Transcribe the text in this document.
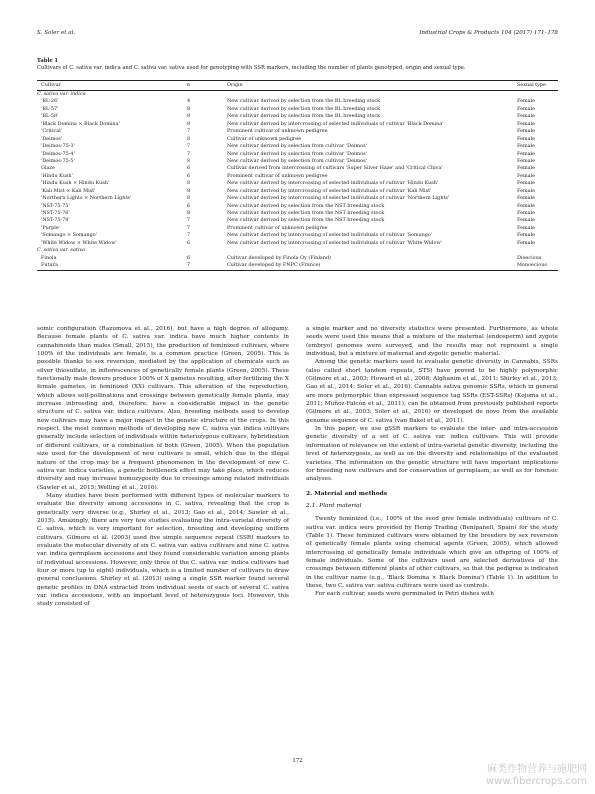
S. Soler et al.	Industrial Crops & Products 104 (2017) 171–178
Table 1
Cultivars of C. sativa var. indica and C. sativa var. sativa used for genotyping with SSR markers, including the number of plants genotyped, origin and sexual type.
Cultivar	n	Origin	Sexual type
C. sativa var. indica
'BL-26'	4	New cultivar derived by selection from the BL breeding stock	Female
'BL-57'	8	New cultivar derived by selection from the BL breeding stock	Female
'BL-58'	8	New cultivar derived by selection from the BL breeding stock	Female
'Black Domina × Black Domina'	8	New cultivar derived by intercrossing of selected individuals of cultivar 'Black Domina'	Female
'Critical'	7	Prominent cultivar of unknown pedigree	Female
'Deimos'	8	Cultivar of unknown pedigree	Female
'Deimos-75-3'	7	New cultivar derived by selection from cultivar 'Deimos'	Female
'Deimos-75-4'	7	New cultivar derived by selection from cultivar 'Deimos'	Female
'Deimos-75-5'	8	New cultivar derived by selection from cultivar 'Deimos'	Female
Glaze	6	Cultivar derived from intercrossing of cultivars 'Super Silver Haze' and 'Critical Chiva'	Female
'Hindu Kush'	6	Prominent cultivar of unknown pedigree	Female
'Hindu Kush × Hindu Kush'	8	New cultivar derived by intercrossing of selected individuals of cultivar 'Hindu Kush'	Female
'Kali Mist × Kali Mist'	8	New cultivar derived by intercrossing of selected individuals of cultivar 'Kali Mist'	Female
'Northern Lights × Northern Lights'	8	New cultivar derived by intercrossing of selected individuals of cultivar 'Northern Lights'	Female
'NST-75-75'	6	New cultivar derived by selection from the NST breeding stock	Female
'NST-75-76'	8	New cultivar derived by selection from the NST breeding stock	Female
'NST-75-78'	7	New cultivar derived by selection from the NST breeding stock	Female
'Purple'	7	Prominent cultivar of unknown pedigree	Female
'Somango × Somango'	7	New cultivar derived by intercrossing of selected individuals of cultivar 'Somango'	Female
'White Widow × White Widow'	6	New cultivar derived by intercrossing of selected individuals of cultivar 'White Widow'	Female
C. sativa var. sativa
Finola	6	Cultivar developed by Finola Oy (Finland)	Dioecious
Futura	7	Cultivar developed by FNPC (France)	Monoecious

somic configuration (Razumova et al., 2016), but have a high degree of allogamy. Because female plants of C. sativa var. indica have much higher contents in cannabinoids than males (Small, 2015), the production of feminized cultivars, where 100% of the individuals are female, is a common practice (Green, 2005). This is possible thanks to sex reversion, mediated by the application of chemicals such as silver thiosulfate, in inflorescences of genetically female plants (Green, 2005). These functionally male flowers produce 100% of X gametes resulting, after fertilizing the X female gametes, in feminized (XX) cultivars. This alteration of the reproduction, which allows self-pollinations and crossings between genetically female plants, may increase inbreeding and, therefore, have a considerable impact in the genetic structure of C. sativa var. indica cultivars. Also, breeding methods used to develop new cultivars may have a major impact in the genetic structure of the crops. In this respect, the most common methods of developing new C. sativa var. indica cultivars generally include selection of individuals within heterozygous cultivars, hybridization of different cultivars, or a combination of both (Green, 2005). When the population size used for the development of new cultivars is small, which due to the illegal nature of the crop may be a frequent phenomenon in the development of new C. sativa var. indica varieties, a genetic bottleneck effect may take place, which reduces diversity and may increase homozygosity due to crossings among related individuals (Sawler et al., 2015; Welling et al., 2016).

Many studies have been performed with different types of molecular markers to evaluate the diversity among accessions in C. sativa, revealing that the crop is genetically very diverse (e.g., Shirley et al., 2013; Gao et al., 2014; Sawler et al., 2015). Amazingly, there are very few studies evaluating the intra-varietal diversity of C. sativa, which is very important for selection, breeding and developing uniform cultivars. Gilmore et al. (2003) used five simple sequence repeat (SSR) markers to evaluate the molecular diversity of six C. sativa var. sativa cultivars and nine C. sativa var. indica germplasm accessions and they found considerable variation among plants of individual accessions. However, only three of the C. sativa var. indica cultivars had four or more (up to eight) individuals, which is a limited number of cultivars to draw general conclusions. Shirley et al. (2013) using a single SSR marker found several genetic profiles in DNA extracted from individual seeds of each of several C. sativa var. indica accessions, with an important level of heterozygous loci. However, this study consisted of

a single marker and no diversity statistics were presented. Furthermore, as whole seeds were used this means that a mixture of the maternal (endosperm) and zygote (embryo) genomes were surveyed, and the results may not represent a single individual, but a mixture of maternal and zygotic genetic material.

Among the genetic markers used to evaluate genetic diversity in Cannabis, SSRs (also called short tandem repeats, STS) have proved to be highly polymorphic (Gilmore et al., 2003; Howard et al., 2008; Alghanim et al., 2011; Shirley et al., 2013; Gao et al., 2014; Soler et al., 2016). Cannabis sativa genomic SSRs, which in general are more polymorphic than expressed sequence tag SSRs (EST-SSRs) (Kojoma et al., 2011; Muñoz-Falcón et al., 2011), can be obtained from previously published reports (Gilmore et al., 2003; Soler et al., 2016) or developed de novo from the available genome sequence of C. sativa (van Bakel et al., 2011).

In this paper, we use gSSR markers to evaluate the inter- and intra-accession genetic diversity of a set of C. sativa var. indica cultivars. This will provide information of relevance on the extent of intra-varietal genetic diversity, including the level of heterozygosis, as well as on the diversity and relationships of the evaluated varieties. The information on the genetic structure will have important implications for breeding new cultivars and for conservation of germplasm, as well as for forensic analyses.

2. Material and methods
2.1. Plant material

Twenty feminized (i.e., 100% of the seed give female individuals) cultivars of C. sativa var. indica were provided by Hemp Trading (Benipanell, Spain) for the study (Table 1). These feminized cultivars were obtained by the breeders by sex reversion of genetically female plants using chemical agents (Green, 2005), which allowed intercrossing of genetically female individuals which give an offspring of 100% of female individuals. Some of the cultivars used are selected derivatives of the crossings between different plants of other cultivars, so that the pedigree is indicated in the cultivar name (e.g., 'Black Domina × Black Domina') (Table 1). In addition to these, two C. sativa var. sativa cultivars were used as controls.

For each cultivar, seeds were germinated in Petri dishes with

172
麻类作物营养与施肥网
www.fibercrops.com
